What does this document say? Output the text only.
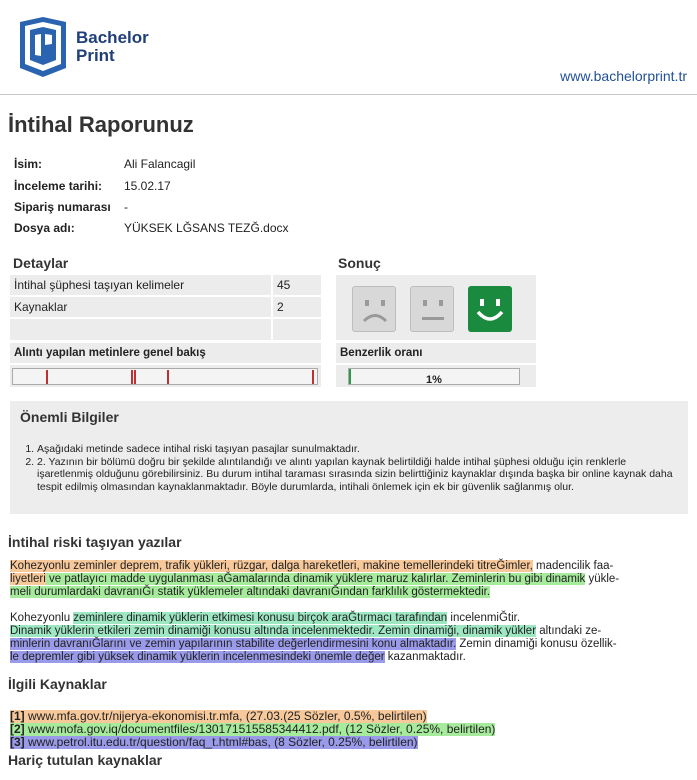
Bachelor
Print
www.bachelorprint.tr
İntihal Raporunuz
İsim:	Ali Falancagil
İnceleme tarihi: 15.02.17
Sipariş numarası -
Dosya adı:	YÜKSEK LĞSANS TEZĞ.docx
Detaylar
İntihal şüphesi taşıyan kelimeler	45
Kaynaklar	2
Alıntı yapılan metinlere genel bakış
Sonuç
Benzerlik oranı
1%
Önemli Bilgiler
1. Aşağıdaki metinde sadece intihal riski taşıyan pasajlar sunulmaktadır.
2. 2. Yazının bir bölümü doğru bir şekilde alıntılandığı ve alıntı yapılan kaynak belirtildiği halde intihal şüphesi olduğu için renklerle işaretlenmiş olduğunu görebilirsiniz. Bu durum intihal taraması sırasında sizin belirttiğiniz kaynaklar dışında başka bir online kaynak daha tespit edilmiş olmasından kaynaklanmaktadır. Böyle durumlarda, intihali önlemek için ek bir güvenlik sağlanmış olur.
İntihal riski taşıyan yazılar
Kohezyonlu zeminler deprem, trafik yükleri, rüzgar, dalga hareketleri, makine temellerindeki titreĞimler, madencilik faa-
liyetleri ve patlayıcı madde uygulanması aĞamalarında dinamik yüklere maruz kalırlar. Zeminlerin bu gibi dinamik yükle-
meli durumlardaki davranıĞı statik yüklemeler altındaki davranıĞından farklılık göstermektedir.
Kohezyonlu zeminlere dinamik yüklerin etkimesi konusu birçok araĞtırmacı tarafından incelenmiĞtir.
Dinamik yüklerin etkileri zemin dinamiği konusu altında incelenmektedir. Zemin dinamiği, dinamik yükler altındaki ze-
minlerin davranıĞlarını ve zemin yapılarının stabilite değerlendirmesini konu almaktadır. Zemin dinamiği konusu özellik-
le depremler gibi yüksek dinamik yüklerin incelenmesindeki önemle değer kazanmaktadır.
İlgili Kaynaklar
[1] www.mfa.gov.tr/nijerya-ekonomisi.tr.mfa, (27.03.(25 Sözler, 0.5%, belirtilen)
[2] www.mofa.gov.iq/documentfiles/130171515585344412.pdf, (12 Sözler, 0.25%, belirtilen)
[3] www.petrol.itu.edu.tr/question/faq_t.html#bas, (8 Sözler, 0.25%, belirtilen)
Hariç tutulan kaynaklar
